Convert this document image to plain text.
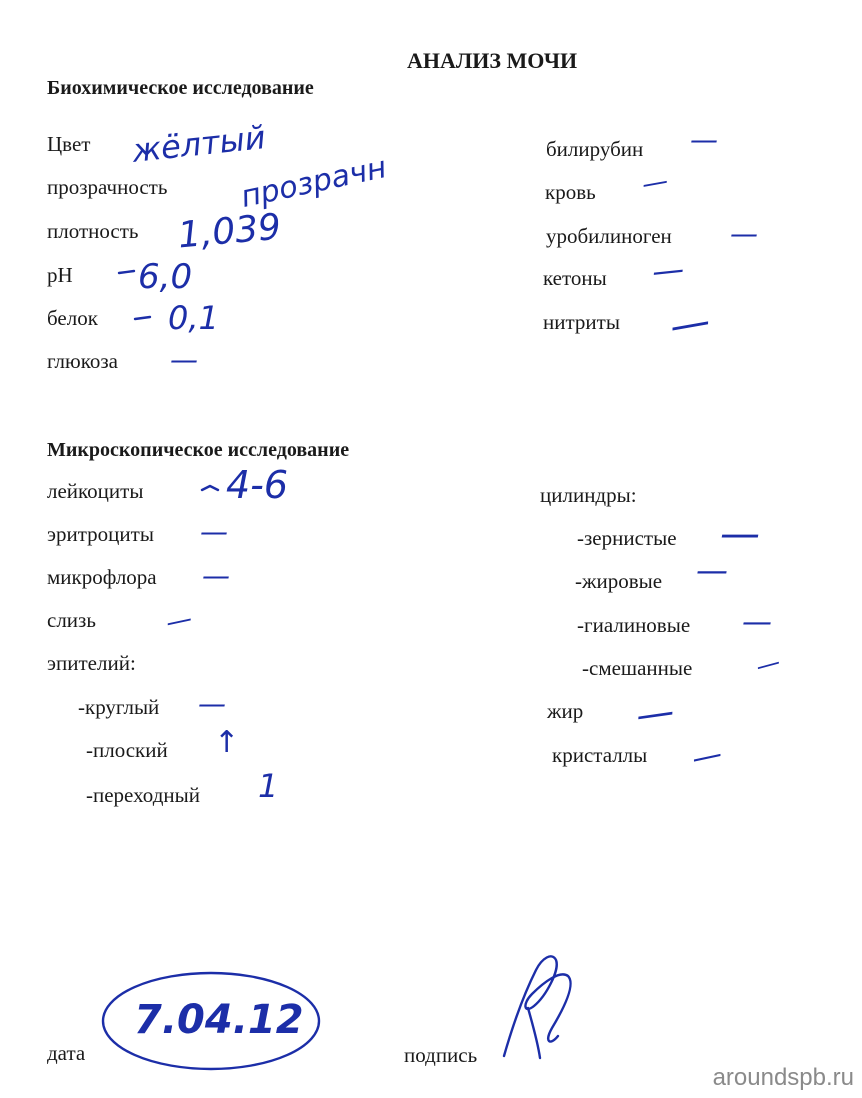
АНАЛИЗ МОЧИ
Биохимическое исследование
Цвет
прозрачность
плотность
pH
белок
глюкоза
жёлтый
прозрачн
1,039
6,0
0,1
—
билирубин
кровь
уробилиноген
кетоны
нитриты
—
—
—
—
—
Микроскопическое исследование
лейкоциты
эритроциты
микрофлора
слизь
эпителий:
-круглый
-плоский
-переходный
4-6
—
—
—
—
↑
1
цилиндры:
-зернистые
-жировые
-гиалиновые
-смешанные
жир
кристаллы
—
—
—
—
—
—
дата
7.04.12
подпись
aroundspb.ru
